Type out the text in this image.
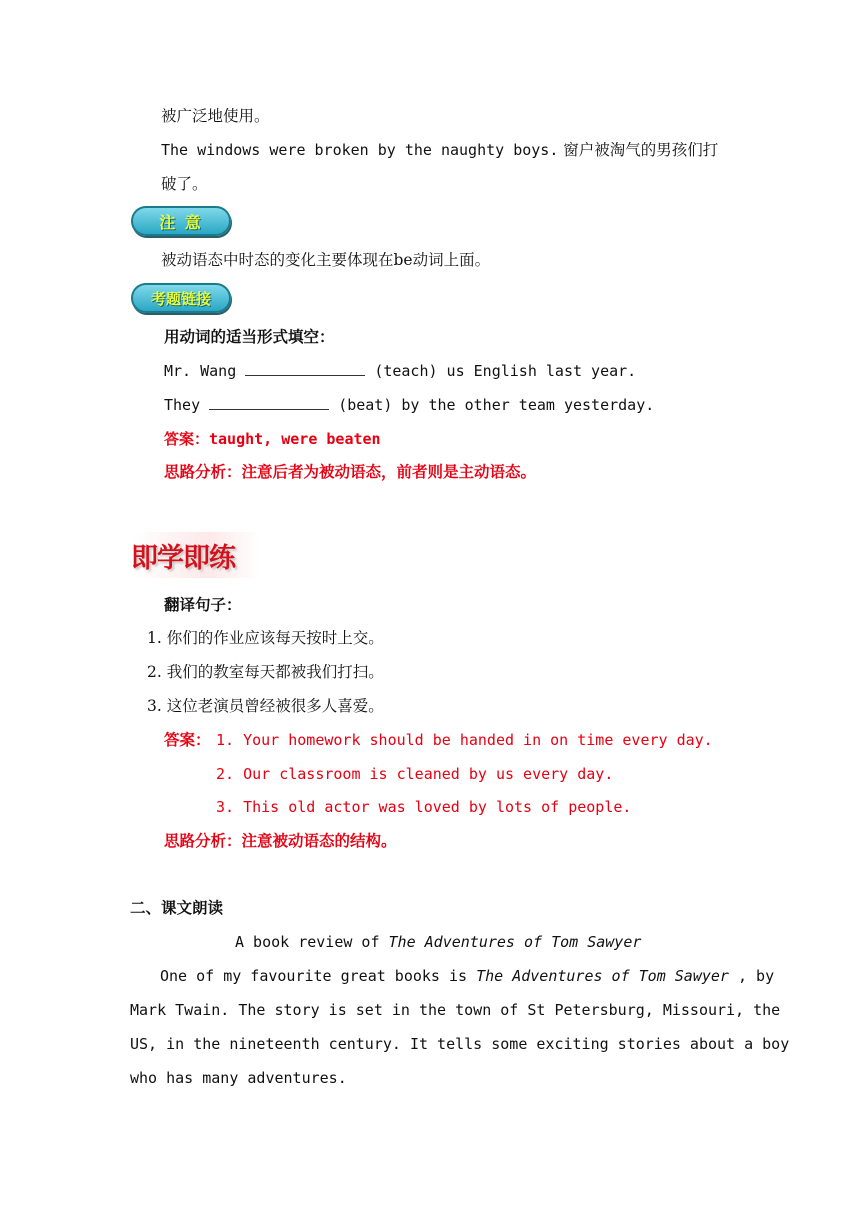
被广泛地使用。
The windows were broken by the naughty boys. 窗户被淘气的男孩们打
破了。
注 意
被动语态中时态的变化主要体现在be动词上面。
考题链接
用动词的适当形式填空：
Mr. Wang	(teach) us English last year.
They	(beat) by the other team yesterday.
答案：taught, were beaten
思路分析：注意后者为被动语态，前者则是主动语态。
即学即练
翻译句子：
1. 你们的作业应该每天按时上交。
2. 我们的教室每天都被我们打扫。
3. 这位老演员曾经被很多人喜爱。
答案： 1. Your homework should be handed in on time every day.
2. Our classroom is cleaned by us every day.
3. This old actor was loved by lots of people.
思路分析：注意被动语态的结构。
二、课文朗读
A book review of The Adventures of Tom Sawyer
One of my favourite great books is The Adventures of Tom Sawyer , by
Mark Twain. The story is set in the town of St Petersburg, Missouri, the
US, in the nineteenth century. It tells some exciting stories about a boy
who has many adventures.
